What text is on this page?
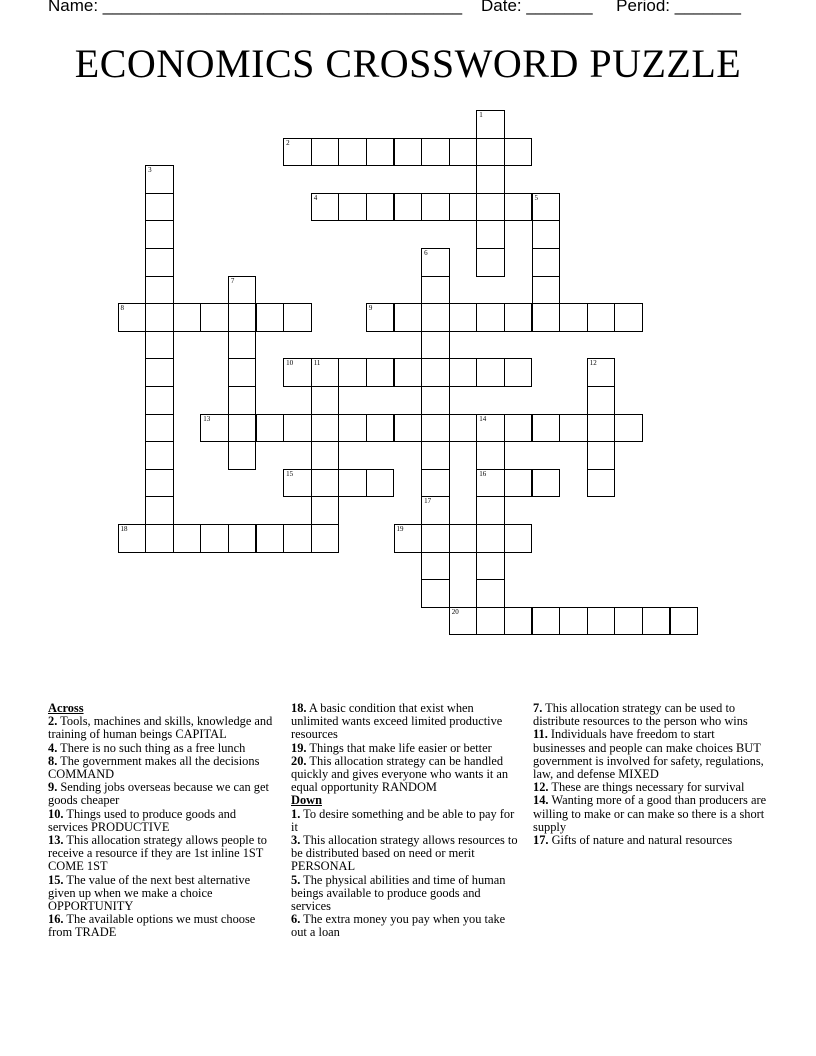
Name: ______________________________________ Date: _______ Period: _______
ECONOMICS CROSSWORD PUZZLE
1
2
3
4	5
6
7
8	9
10	11	12
13	14
16
15
17
18	19
20
Across
2. Tools, machines and skills, knowledge and training of human beings CAPITAL
4. There is no such thing as a free lunch
8. The government makes all the decisions COMMAND
9. Sending jobs overseas because we can get goods cheaper
10. Things used to produce goods and services PRODUCTIVE
13. This allocation strategy allows people to receive a resource if they are 1st inline 1ST COME 1ST
15. The value of the next best alternative given up when we make a choice OPPORTUNITY
16. The available options we must choose from TRADE
18. A basic condition that exist when unlimited wants exceed limited productive resources
19. Things that make life easier or better
20. This allocation strategy can be handled quickly and gives everyone who wants it an equal opportunity RANDOM
Down
1. To desire something and be able to pay for it
3. This allocation strategy allows resources to be distributed based on need or merit PERSONAL
5. The physical abilities and time of human beings available to produce goods and services
6. The extra money you pay when you take out a loan
7. This allocation strategy can be used to distribute resources to the person who wins
11. Individuals have freedom to start businesses and people can make choices BUT government is involved for safety, regulations, law, and defense MIXED
12. These are things necessary for survival
14. Wanting more of a good than producers are willing to make or can make so there is a short supply
17. Gifts of nature and natural resources
